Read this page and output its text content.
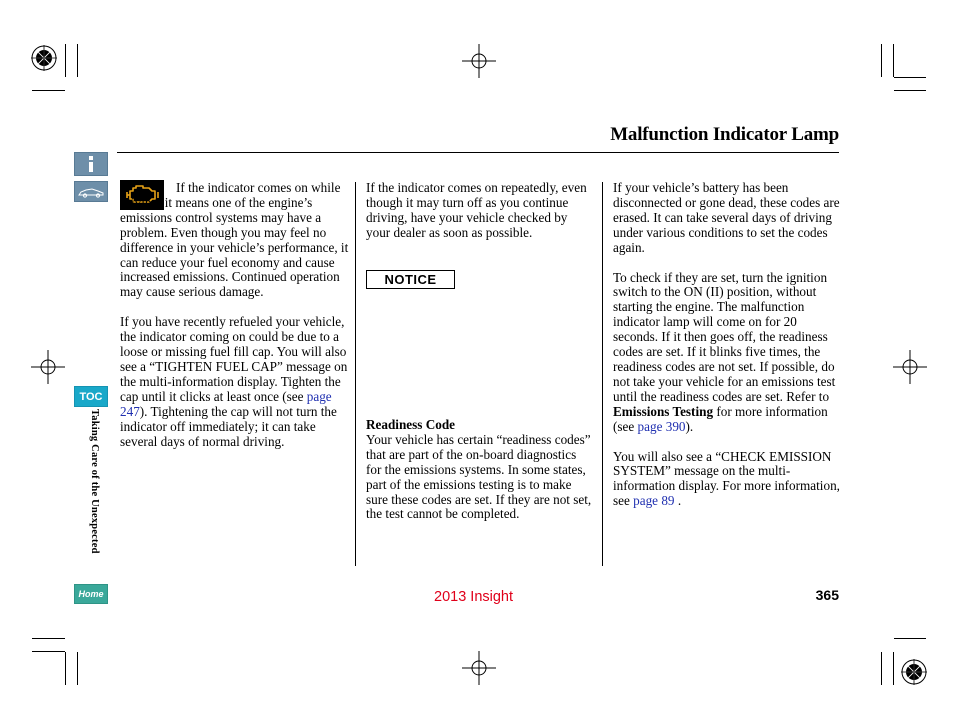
TOC
Home
Taking Care of the Unexpected
Malfunction Indicator Lamp

If the indicator comes on while driving, it means one of the engine’s emissions control systems may have a problem. Even though you may feel no difference in your vehicle’s performance, it can reduce your fuel economy and cause increased emissions. Continued operation may cause serious damage.

If you have recently refueled your vehicle, the indicator coming on could be due to a loose or missing fuel fill cap. You will also see a “TIGHTEN FUEL CAP” message on the multi-information display. Tighten the cap until it clicks at least once (see page 247). Tightening the cap will not turn the indicator off immediately; it can take several days of normal driving.

If the indicator comes on repeatedly, even though it may turn off as you continue driving, have your vehicle checked by your dealer as soon as possible.

NOTICE

Readiness Code

Your vehicle has certain “readiness codes” that are part of the on-board diagnostics for the emissions systems. In some states, part of the emissions testing is to make sure these codes are set. If they are not set, the test cannot be completed.

If your vehicle’s battery has been disconnected or gone dead, these codes are erased. It can take several days of driving under various conditions to set the codes again.

To check if they are set, turn the ignition switch to the ON (II) position, without starting the engine. The malfunction indicator lamp will come on for 20 seconds. If it then goes off, the readiness codes are set. If it blinks five times, the readiness codes are not set. If possible, do not take your vehicle for an emissions test until the readiness codes are set. Refer to Emissions Testing for more information (see page 390).

You will also see a “CHECK EMISSION SYSTEM” message on the multi-information display. For more information, see page 89 .

2013 Insight	365
